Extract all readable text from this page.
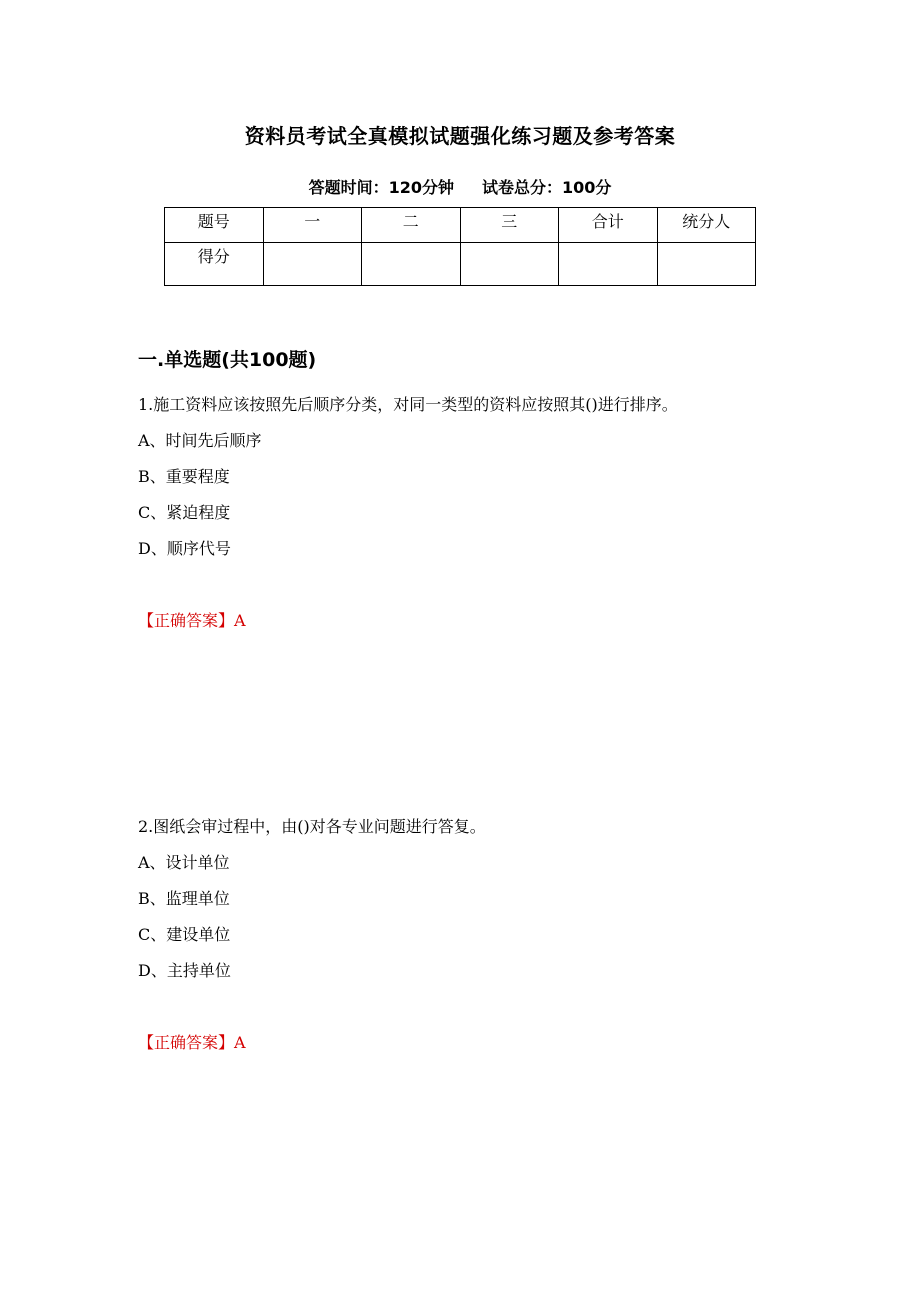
资料员考试全真模拟试题强化练习题及参考答案
答题时间：120分钟 试卷总分：100分
题号	一	二	三	合计	统分人
得分					
一.单选题(共100题)
1.施工资料应该按照先后顺序分类，对同一类型的资料应按照其()进行排序。
A、时间先后顺序
B、重要程度
C、紧迫程度
D、顺序代号
【正确答案】A
2.图纸会审过程中，由()对各专业问题进行答复。
A、设计单位
B、监理单位
C、建设单位
D、主持单位
【正确答案】A
